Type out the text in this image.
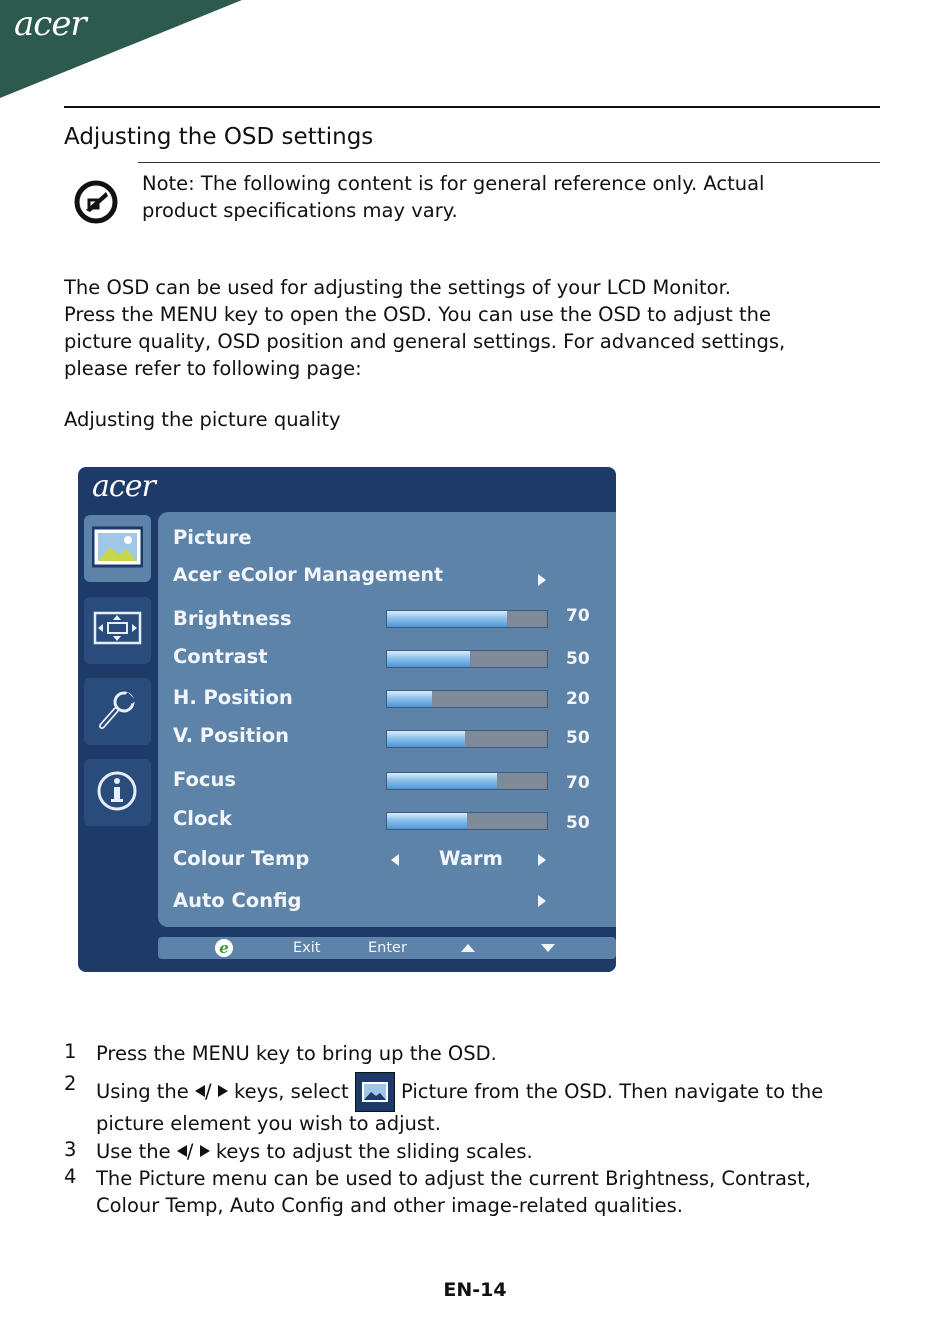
acer
Adjusting the OSD settings
Note: The following content is for general reference only. Actual
product specifications may vary.
The OSD can be used for adjusting the settings of your LCD Monitor.
Press the MENU key to open the OSD. You can use the OSD to adjust the
picture quality, OSD position and general settings. For advanced settings,
please refer to following page:
Adjusting the picture quality
acer
Picture
Acer eColor Management
Brightness	70
Contrast	50
H. Position	20
V. Position	50
Focus	70
Clock	50
Colour Temp	Warm
Auto Config
e	Exit	Enter
1 Press the MENU key to bring up the OSD.
2 Using the /  keys, select	Picture from the OSD. Then navigate to the
picture element you wish to adjust.
3 Use the /  keys to adjust the sliding scales.
4 The Picture menu can be used to adjust the current Brightness, Contrast,
Colour Temp, Auto Config and other image-related qualities.
EN-14
